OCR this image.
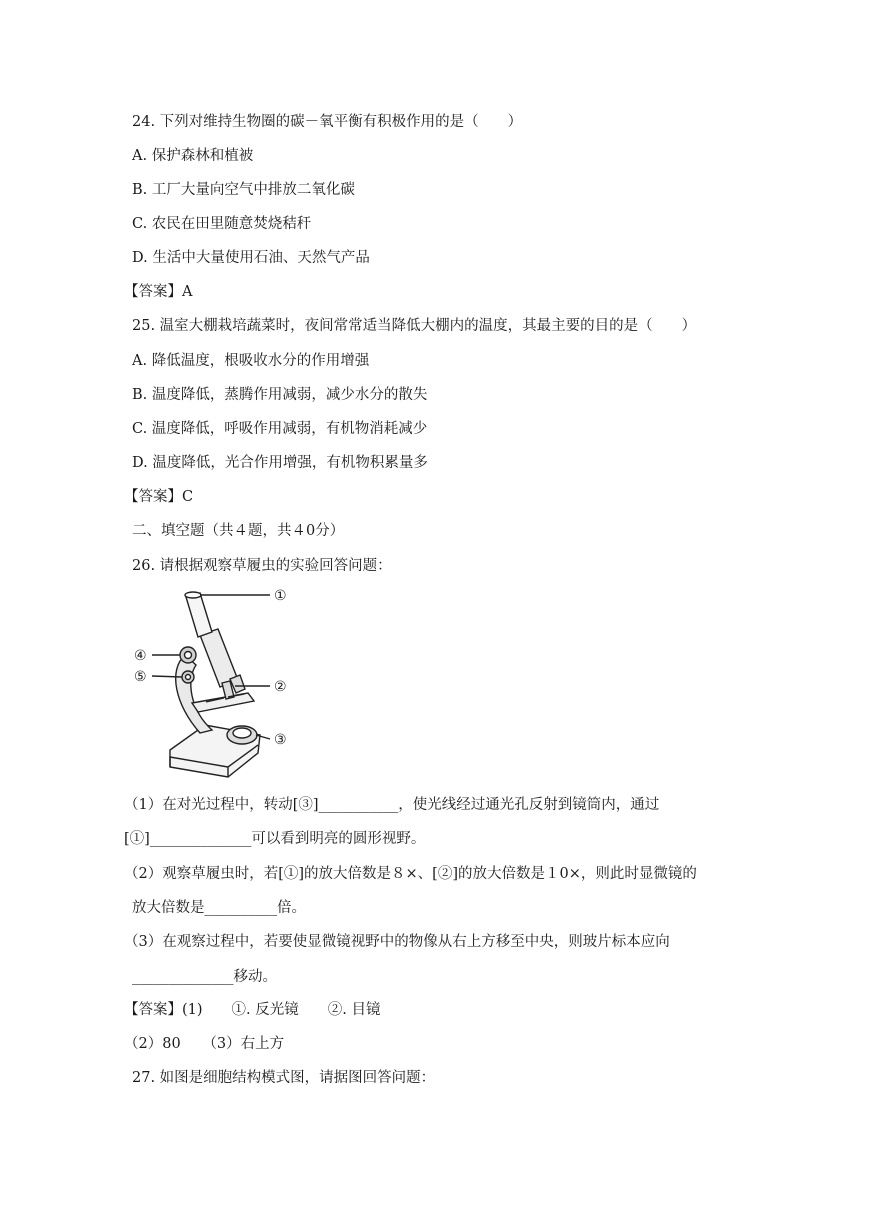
24. 下列对维持生物圈的碳－氧平衡有积极作用的是（　　）
A. 保护森林和植被
B. 工厂大量向空气中排放二氧化碳
C. 农民在田里随意焚烧秸秆
D. 生活中大量使用石油、天然气产品
【答案】A
25. 温室大棚栽培蔬菜时，夜间常常适当降低大棚内的温度，其最主要的目的是（　　）
A. 降低温度，根吸收水分的作用增强
B. 温度降低，蒸腾作用减弱，减少水分的散失
C. 温度降低，呼吸作用减弱，有机物消耗减少
D. 温度降低，光合作用增强，有机物积累量多
【答案】C
二、填空题（共４题，共４0分）
26. 请根据观察草履虫的实验回答问题：
①
②
③
④
⑤
（1）在对光过程中，转动[③]___________，使光线经过通光孔反射到镜筒内，通过
[①]______________可以看到明亮的圆形视野。
（2）观察草履虫时，若[①]的放大倍数是８×、[②]的放大倍数是１0×，则此时显微镜的
放大倍数是__________倍。
（3）在观察过程中，若要使显微镜视野中的物像从右上方移至中央，则玻片标本应向
______________移动。
【答案】(1)　　①. 反光镜　　②. 目镜
（2）80　　（3）右上方
27. 如图是细胞结构模式图，请据图回答问题：
